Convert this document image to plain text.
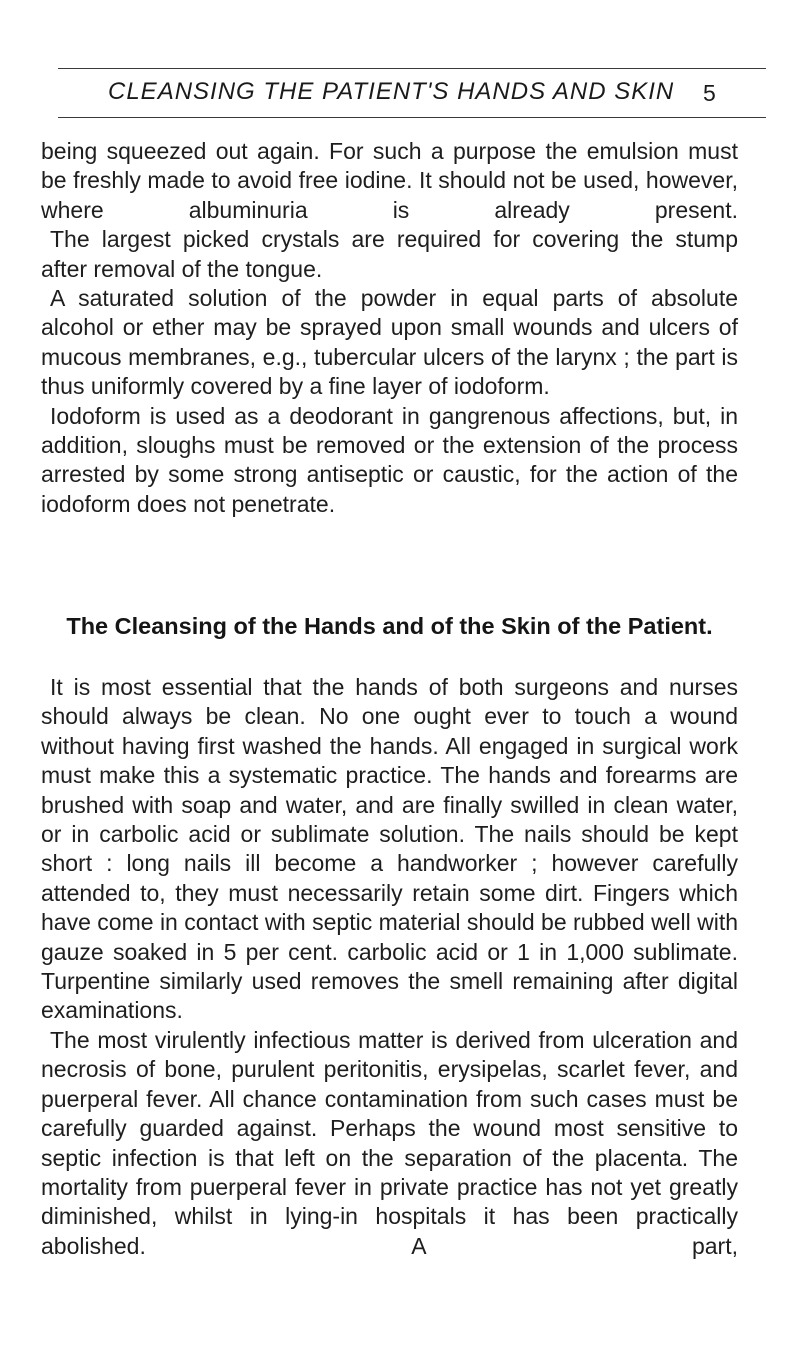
CLEANSING THE PATIENT'S HANDS AND SKIN 5

being squeezed out again. For such a purpose the emulsion must be freshly made to avoid free iodine. It should not be used, however, where albuminuria is already present.

The largest picked crystals are required for covering the stump after removal of the tongue.

A saturated solution of the powder in equal parts of absolute alcohol or ether may be sprayed upon small wounds and ulcers of mucous membranes, e.g., tubercular ulcers of the larynx ; the part is thus uniformly covered by a fine layer of iodoform.

Iodoform is used as a deodorant in gangrenous affections, but, in addition, sloughs must be removed or the extension of the process arrested by some strong antiseptic or caustic, for the action of the iodoform does not penetrate.

The Cleansing of the Hands and of the Skin of the Patient.

It is most essential that the hands of both surgeons and nurses should always be clean. No one ought ever to touch a wound without having first washed the hands. All engaged in surgical work must make this a systematic practice. The hands and forearms are brushed with soap and water, and are finally swilled in clean water, or in carbolic acid or sublimate solution. The nails should be kept short : long nails ill become a handworker ; however carefully attended to, they must necessarily retain some dirt. Fingers which have come in contact with septic material should be rubbed well with gauze soaked in 5 per cent. carbolic acid or 1 in 1,000 sublimate. Turpentine similarly used removes the smell remaining after digital examinations.

The most virulently infectious matter is derived from ulceration and necrosis of bone, purulent peritonitis, erysipelas, scarlet fever, and puerperal fever. All chance contamination from such cases must be carefully guarded against. Perhaps the wound most sensitive to septic infection is that left on the separation of the placenta. The mortality from puerperal fever in private practice has not yet greatly diminished, whilst in lying-in hospitals it has been practically abolished. A part,
